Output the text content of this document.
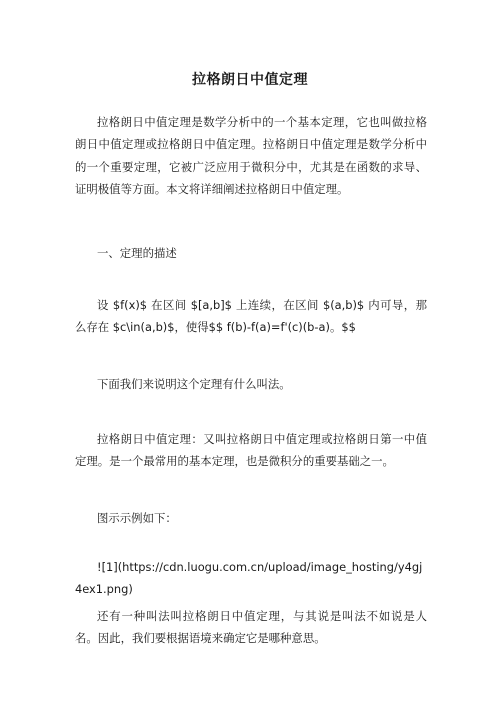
拉格朗日中值定理

拉格朗日中值定理是数学分析中的一个基本定理，它也叫做拉格朗日中值定理或拉格朗日中值定理。拉格朗日中值定理是数学分析中的一个重要定理，它被广泛应用于微积分中，尤其是在函数的求导、证明极值等方面。本文将详细阐述拉格朗日中值定理。

一、定理的描述

设 $f(x)$ 在区间 $[a,b]$ 上连续，在区间 $(a,b)$ 内可导，那么存在 $c\in(a,b)$，使得$$ f(b)-f(a)=f'(c)(b-a)。$$

下面我们来说明这个定理有什么叫法。

拉格朗日中值定理：又叫拉格朗日中值定理或拉格朗日第一中值定理。是一个最常用的基本定理，也是微积分的重要基础之一。

图示示例如下：

![1](https://cdn.luogu.com.cn/upload/image_hosting/y4gj4ex1.png)

还有一种叫法叫拉格朗日中值定理，与其说是叫法不如说是人名。因此，我们要根据语境来确定它是哪种意思。
